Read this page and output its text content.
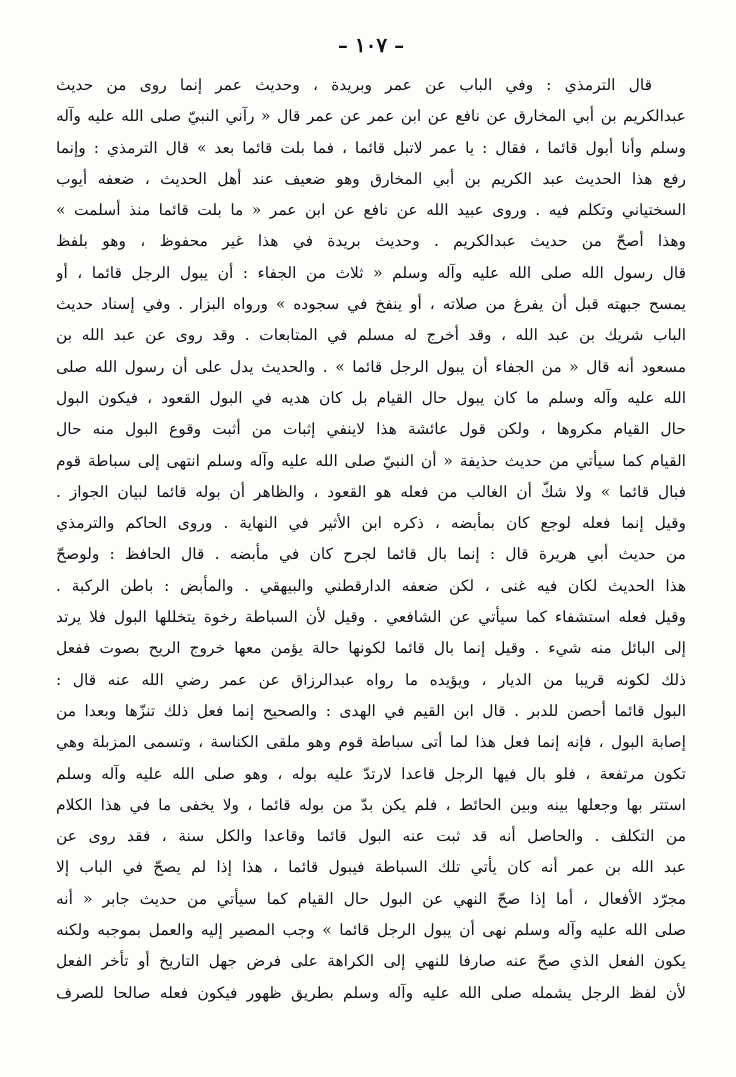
– ١٠٧ –
قال الترمذي : وفي الباب عن عمر وبريدة ، وحديث عمر إنما روى من حديث
عبدالكريم بن أبي المخارق عن نافع عن ابن عمر عن عمر قال « رآني النبيّ صلى الله عليه وآله
وسلم وأنا أبول قائما ، فقال : يا عمر لاتبل قائما ، فما بلت قائما بعد » قال الترمذي : وإنما
رفع هذا الحديث عبد الكريم بن أبي المخارق وهو ضعيف عند أهل الحديث ، ضعفه أيوب
السختياني وتكلم فيه . وروى عبيد الله عن نافع عن ابن عمر « ما بلت قائما منذ أسلمت »
وهذا أصحّ من حديث عبدالكريم . وحديث بريدة في هذا غير محفوظ ، وهو بلفظ
قال رسول الله صلى الله عليه وآله وسلم « ثلاث من الجفاء : أن يبول الرجل قائما ، أو
يمسح جبهته قبل أن يفرغ من صلاته ، أو ينفخ في سجوده » ورواه البزار . وفي إسناد حديث
الباب شريك بن عبد الله ، وقد أخرج له مسلم في المتابعات . وقد روى عن عبد الله بن
مسعود أنه قال « من الجفاء أن يبول الرجل قائما » . والحديث يدل على أن رسول الله صلى
الله عليه وآله وسلم ما كان يبول حال القيام بل كان هديه في البول القعود ، فيكون البول
حال القيام مكروها ، ولكن قول عائشة هذا لاينفي إثبات من أثبت وقوع البول منه حال
القيام كما سيأتي من حديث حذيفة « أن النبيّ صلى الله عليه وآله وسلم انتهى إلى سباطة قوم
فبال قائما » ولا شكّ أن الغالب من فعله هو القعود ، والظاهر أن بوله قائما لبيان الجواز .
وقيل إنما فعله لوجع كان بمأبضه ، ذكره ابن الأثير في النهاية . وروى الحاكم والترمذي
من حديث أبي هريرة قال : إنما بال قائما لجرح كان في مأبضه . قال الحافظ : ولوصحّ
هذا الحديث لكان فيه غنى ، لكن ضعفه الدارقطني والبيهقي . والمأبض : باطن الركبة .
وقيل فعله استشفاء كما سيأتي عن الشافعي . وقيل لأن السباطة رخوة يتخللها البول فلا يرتد
إلى البائل منه شيء . وقيل إنما بال قائما لكونها حالة يؤمن معها خروج الريح بصوت ففعل
ذلك لكونه قريبا من الديار ، ويؤيده ما رواه عبدالرزاق عن عمر رضي الله عنه قال :
البول قائما أحصن للدبر . قال ابن القيم في الهدى : والصحيح إنما فعل ذلك تنزّها وبعدا من
إصابة البول ، فإنه إنما فعل هذا لما أتى سباطة قوم وهو ملقى الكناسة ، وتسمى المزبلة وهي
تكون مرتفعة ، فلو بال فيها الرجل قاعدا لارتدّ عليه بوله ، وهو صلى الله عليه وآله وسلم
استتر بها وجعلها بينه وبين الحائط ، فلم يكن بدّ من بوله قائما ، ولا يخفى ما في هذا الكلام
من التكلف . والحاصل أنه قد ثبت عنه البول قائما وقاعدا والكل سنة ، فقد روى عن
عبد الله بن عمر أنه كان يأتي تلك السباطة فيبول قائما ، هذا إذا لم يصحّ في الباب إلا
مجرّد الأفعال ، أما إذا صحّ النهي عن البول حال القيام كما سيأتي من حديث جابر « أنه
صلى الله عليه وآله وسلم نهى أن يبول الرجل قائما » وجب المصير إليه والعمل بموجبه ولكنه
يكون الفعل الذي صحّ عنه صارفا للنهي إلى الكراهة على فرض جهل التاريخ أو تأخر الفعل
لأن لفظ الرجل يشمله صلى الله عليه وآله وسلم بطريق ظهور فيكون فعله صالحا للصرف
